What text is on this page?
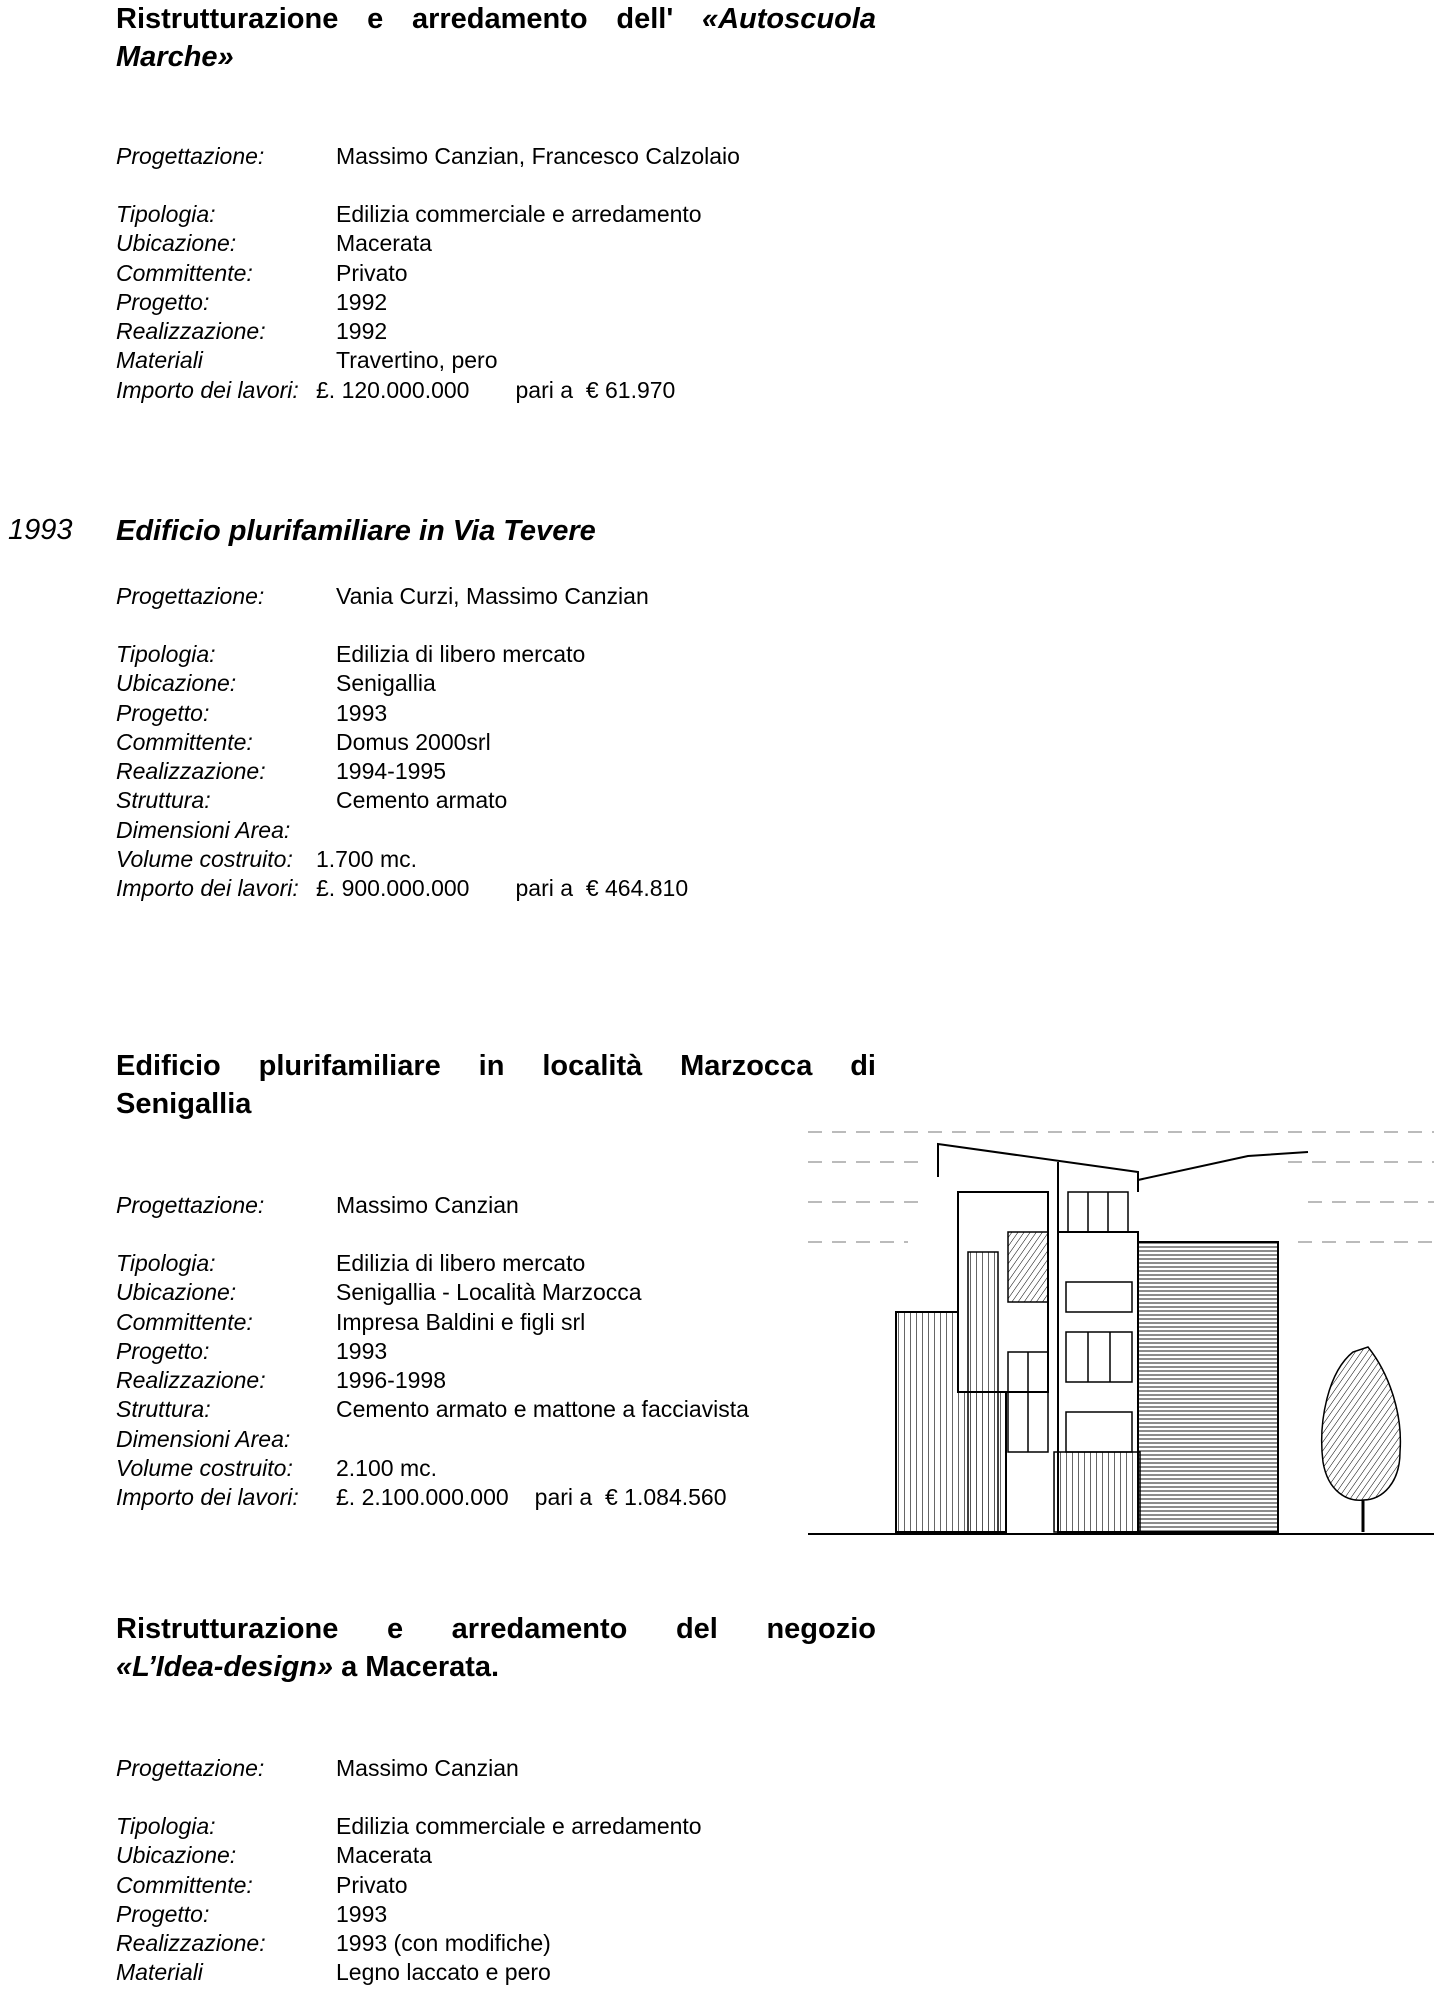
Ristrutturazione e arredamento dell' «Autoscuola Marche»
Progettazione:	Massimo Canzian, Francesco Calzolaio
Tipologia:	Edilizia commerciale e arredamento
Ubicazione:	Macerata
Committente:	Privato
Progetto:	1992
Realizzazione:	1992
Materiali	Travertino, pero
Importo dei lavori: £. 120.000.000 pari a € 61.970
1993 Edificio plurifamiliare in Via Tevere
Progettazione:	Vania Curzi, Massimo Canzian
Tipologia:	Edilizia di libero mercato
Ubicazione:	Senigallia
Progetto:	1993
Committente:	Domus 2000srl
Realizzazione:	1994-1995
Struttura:	Cemento armato
Dimensioni Area:
Volume costruito: 1.700 mc.
Importo dei lavori: £. 900.000.000 pari a € 464.810
Edificio plurifamiliare in località Marzocca di
Senigallia
Progettazione:	Massimo Canzian
Tipologia:	Edilizia di libero mercato
Ubicazione:	Senigallia - Località Marzocca
Committente:	Impresa Baldini e figli srl
Progetto:	1993
Realizzazione:	1996-1998
Struttura:	Cemento armato e mattone a facciavista
Dimensioni Area:
Volume costruito: 2.100 mc.
Importo dei lavori: £. 2.100.000.000 pari a € 1.084.560
Ristrutturazione e arredamento del negozio
«L’Idea-design» a Macerata.
Progettazione:	Massimo Canzian
Tipologia:	Edilizia commerciale e arredamento
Ubicazione:	Macerata
Committente:	Privato
Progetto:	1993
Realizzazione:	1993 (con modifiche)
Materiali	Legno laccato e pero
